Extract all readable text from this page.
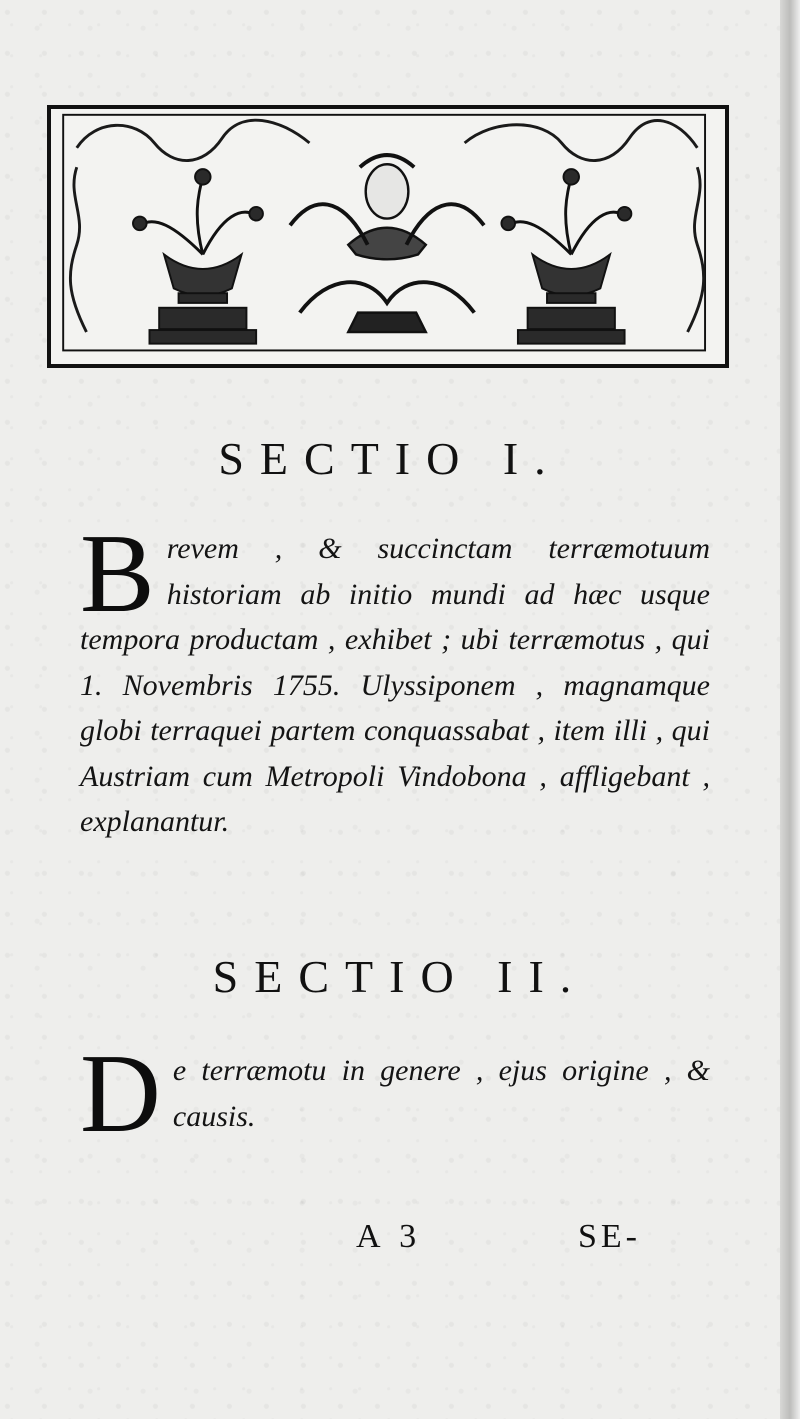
SECTIO I.
Brevem , & succinctam terræmotuum historiam ab initio mundi ad hæc usque tempora productam , exhibet ; ubi terræmotus , qui 1. Novembris 1755. Ulyssiponem , magnamque globi terraquei partem conquassabat , item illi , qui Austriam cum Metropoli Vindobona , affligebant , explanantur.
SECTIO II.
De terræmotu in genere , ejus origine , & causis.
A 3	SE-
